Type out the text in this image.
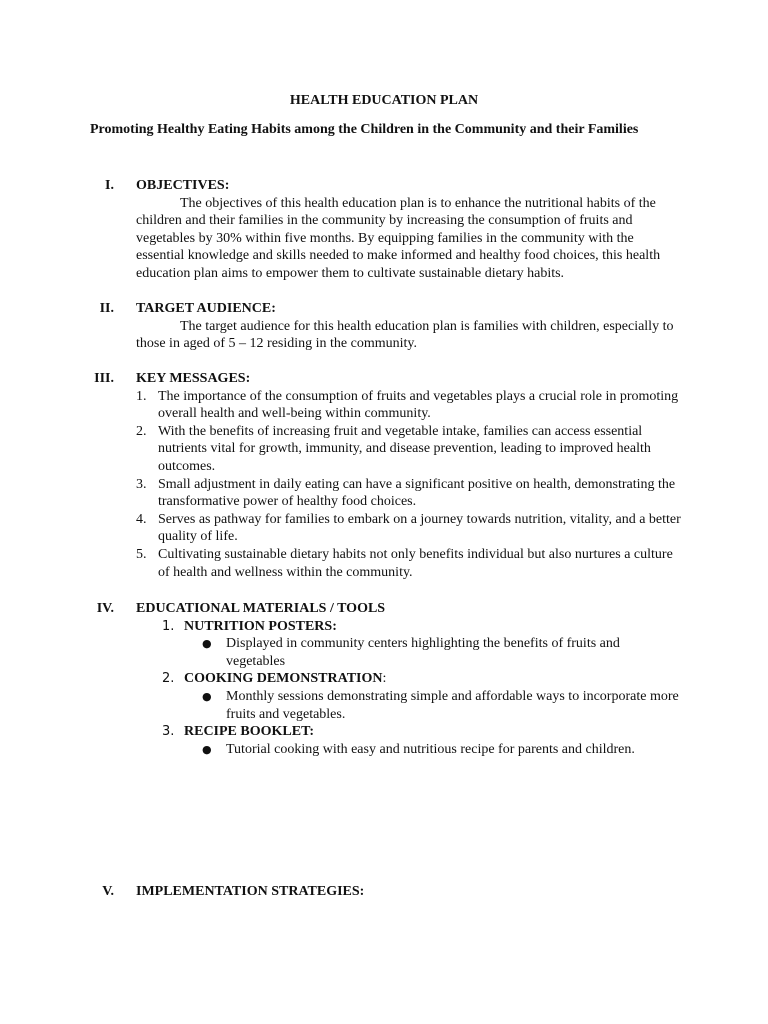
HEALTH EDUCATION PLAN
Promoting Healthy Eating Habits among the Children in the Community and their Families
I. OBJECTIVES:
The objectives of this health education plan is to enhance the nutritional habits of the children and their families in the community by increasing the consumption of fruits and vegetables by 30% within five months. By equipping families in the community with the essential knowledge and skills needed to make informed and healthy food choices, this health education plan aims to empower them to cultivate sustainable dietary habits.
II. TARGET AUDIENCE:
The target audience for this health education plan is families with children, especially to those in aged of 5 – 12 residing in the community.
III. KEY MESSAGES:
1. The importance of the consumption of fruits and vegetables plays a crucial role in promoting overall health and well-being within community.
2. With the benefits of increasing fruit and vegetable intake, families can access essential nutrients vital for growth, immunity, and disease prevention, leading to improved health outcomes.
3. Small adjustment in daily eating can have a significant positive on health, demonstrating the transformative power of healthy food choices.
4. Serves as pathway for families to embark on a journey towards nutrition, vitality, and a better quality of life.
5. Cultivating sustainable dietary habits not only benefits individual but also nurtures a culture of health and wellness within the community.
IV. EDUCATIONAL MATERIALS / TOOLS
1. NUTRITION POSTERS:
● Displayed in community centers highlighting the benefits of fruits and vegetables
2. COOKING DEMONSTRATION:
● Monthly sessions demonstrating simple and affordable ways to incorporate more fruits and vegetables.
3. RECIPE BOOKLET:
● Tutorial cooking with easy and nutritious recipe for parents and children.
V. IMPLEMENTATION STRATEGIES:
